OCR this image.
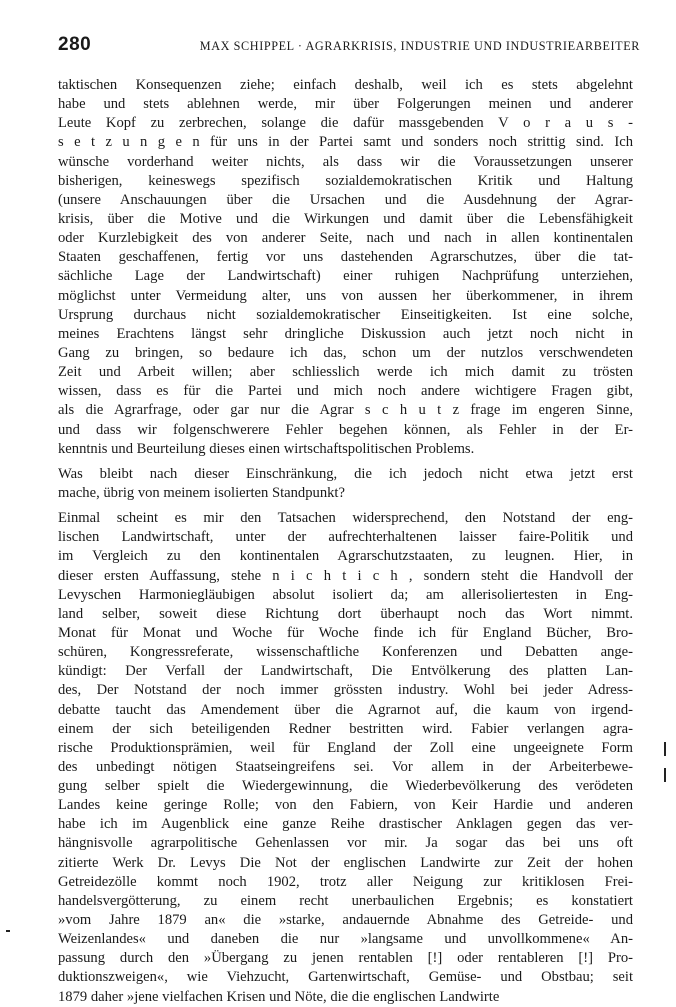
280	MAX SCHIPPEL · AGRARKRISIS, INDUSTRIE UND INDUSTRIEARBEITER
taktischen Konsequenzen ziehe; einfach deshalb, weil ich es stets abgelehnt
habe und stets ablehnen werde, mir über Folgerungen meinen und anderer
Leute Kopf zu zerbrechen, solange die dafür massgebenden V o r a u s -
s e t z u n g e n für uns in der Partei samt und sonders noch strittig sind. Ich
wünsche vorderhand weiter nichts, als dass wir die Voraussetzungen unserer
bisherigen, keineswegs spezifisch sozialdemokratischen Kritik und Haltung
(unsere Anschauungen über die Ursachen und die Ausdehnung der Agrar-
krisis, über die Motive und die Wirkungen und damit über die Lebensfähigkeit
oder Kurzlebigkeit des von anderer Seite, nach und nach in allen kontinentalen
Staaten geschaffenen, fertig vor uns dastehenden Agrarschutzes, über die tat-
sächliche Lage der Landwirtschaft) einer ruhigen Nachprüfung unterziehen,
möglichst unter Vermeidung alter, uns von aussen her überkommener, in ihrem
Ursprung durchaus nicht sozialdemokratischer Einseitigkeiten. Ist eine solche,
meines Erachtens längst sehr dringliche Diskussion auch jetzt noch nicht in
Gang zu bringen, so bedaure ich das, schon um der nutzlos verschwendeten
Zeit und Arbeit willen; aber schliesslich werde ich mich damit zu trösten
wissen, dass es für die Partei und mich noch andere wichtigere Fragen gibt,
als die Agrarfrage, oder gar nur die Agrar s c h u t z frage im engeren Sinne,
und dass wir folgenschwerere Fehler begehen können, als Fehler in der Er-
kenntnis und Beurteilung dieses einen wirtschaftspolitischen Problems.
Was bleibt nach dieser Einschränkung, die ich jedoch nicht etwa jetzt erst
mache, übrig von meinem isolierten Standpunkt?
Einmal scheint es mir den Tatsachen widersprechend, den Notstand der eng-
lischen Landwirtschaft, unter der aufrechterhaltenen laisser faire-Politik und
im Vergleich zu den kontinentalen Agrarschutzstaaten, zu leugnen. Hier, in
dieser ersten Auffassung, stehe n i c h t i c h , sondern steht die Handvoll der
Levyschen Harmoniegläubigen absolut isoliert da; am allerisoliertesten in Eng-
land selber, soweit diese Richtung dort überhaupt noch das Wort nimmt.
Monat für Monat und Woche für Woche finde ich für England Bücher, Bro-
schüren, Kongressreferate, wissenschaftliche Konferenzen und Debatten ange-
kündigt: Der Verfall der Landwirtschaft, Die Entvölkerung des platten Lan-
des, Der Notstand der noch immer grössten industry. Wohl bei jeder Adress-
debatte taucht das Amendement über die Agrarnot auf, die kaum von irgend-
einem der sich beteiligenden Redner bestritten wird. Fabier verlangen agra-
rische Produktionsprämien, weil für England der Zoll eine ungeeignete Form
des unbedingt nötigen Staatseingreifens sei. Vor allem in der Arbeiterbewe-
gung selber spielt die Wiedergewinnung, die Wiederbevölkerung des verödeten
Landes keine geringe Rolle; von den Fabiern, von Keir Hardie und anderen
habe ich im Augenblick eine ganze Reihe drastischer Anklagen gegen das ver-
hängnisvolle agrarpolitische Gehenlassen vor mir. Ja sogar das bei uns oft
zitierte Werk Dr. Levys Die Not der englischen Landwirte zur Zeit der hohen
Getreidezölle kommt noch 1902, trotz aller Neigung zur kritiklosen Frei-
handelsvergötterung, zu einem recht unerbaulichen Ergebnis; es konstatiert
»vom Jahre 1879 an« die »starke, andauernde Abnahme des Getreide- und
Weizenlandes« und daneben die nur »langsame und unvollkommene« An-
passung durch den »Übergang zu jenen rentablen [!] oder rentableren [!] Pro-
duktionszweigen«, wie Viehzucht, Gartenwirtschaft, Gemüse- und Obstbau; seit
1879 daher »jene vielfachen Krisen und Nöte, die die englischen Landwirte
